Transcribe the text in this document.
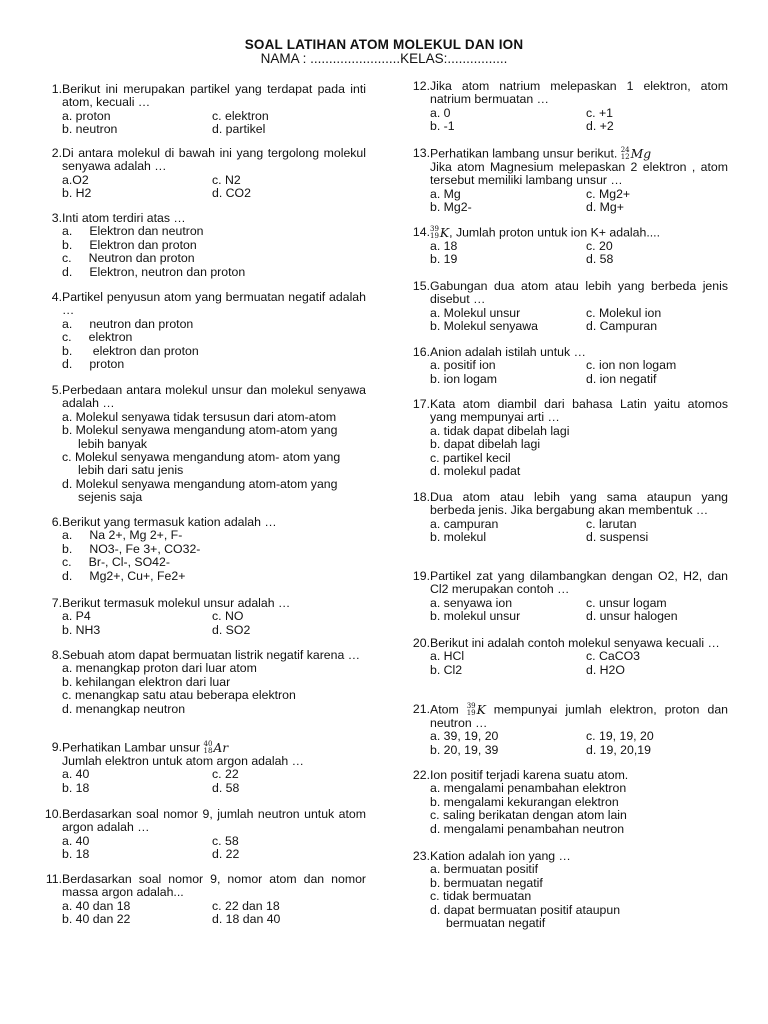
SOAL LATIHAN ATOM MOLEKUL DAN ION
NAMA : ........................KELAS:................
1. Berikut ini merupakan partikel yang terdapat pada inti atom, kecuali …
a. proton	c. elektron
b. neutron	d. partikel
2. Di antara molekul di bawah ini yang tergolong molekul senyawa adalah …
a.O2	c. N2
b. H2	d. CO2
3. Inti atom terdiri atas …
a.     Elektron dan neutron
b.     Elektron dan proton
c.     Neutron dan proton
d.     Elektron, neutron dan proton
4. Partikel penyusun atom yang bermuatan negatif adalah …
a.     neutron dan proton
c.     elektron
b.      elektron dan proton
d.     proton
5. Perbedaan antara molekul unsur dan molekul senyawa adalah …
a. Molekul senyawa tidak tersusun dari atom-atom
b. Molekul senyawa mengandung atom-atom yang
lebih banyak
c. Molekul senyawa mengandung atom- atom yang
lebih dari satu jenis
d. Molekul senyawa mengandung atom-atom yang
sejenis saja
6. Berikut yang termasuk kation adalah …
a.     Na 2+, Mg 2+, F-
b.     NO3-, Fe 3+, CO32-
c.     Br-, Cl-, SO42-
d.     Mg2+, Cu+, Fe2+
7. Berikut termasuk molekul unsur adalah …
a. P4	c. NO
b. NH3	d. SO2
8. Sebuah atom dapat bermuatan listrik negatif karena …
a. menangkap proton dari luar atom
b. kehilangan elektron dari luar
c. menangkap satu atau beberapa elektron
d. menangkap neutron
9. Perhatikan Lambar unsur 40
18 Ar
Jumlah elektron untuk atom argon adalah …
a. 40	c. 22
b. 18	d. 58
10. Berdasarkan soal nomor 9, jumlah neutron untuk atom argon adalah …
a. 40	c. 58
b. 18	d. 22
11. Berdasarkan soal nomor 9, nomor atom dan nomor massa argon adalah...
a. 40 dan 18	c. 22 dan 18
b. 40 dan 22	d. 18 dan 40
12. Jika atom natrium melepaskan 1 elektron, atom natrium bermuatan …
a. 0	c. +1
b. -1	d. +2
13. Perhatikan lambang unsur berikut. 24
12 Mg
Jika atom Magnesium melepaskan 2 elektron , atom tersebut memiliki lambang unsur …
a. Mg	c. Mg2+
b. Mg2-	d. Mg+
14. 39
19 K, Jumlah proton untuk ion K+ adalah....
a. 18	c. 20
b. 19	d. 58
15. Gabungan dua atom atau lebih yang berbeda jenis disebut …
a. Molekul unsur	c. Molekul ion
b. Molekul senyawa	d. Campuran
16. Anion adalah istilah untuk …
a. positif ion	c. ion non logam
b. ion logam	d. ion negatif
17. Kata atom diambil dari bahasa Latin yaitu atomos yang mempunyai arti …
a. tidak dapat dibelah lagi
b. dapat dibelah lagi
c. partikel kecil
d. molekul padat
18. Dua atom atau lebih yang sama ataupun yang berbeda jenis. Jika bergabung akan membentuk …
a. campuran	c. larutan
b. molekul	d. suspensi
19. Partikel zat yang dilambangkan dengan O2, H2, dan Cl2 merupakan contoh …
a. senyawa ion	c. unsur logam
b. molekul unsur	d. unsur halogen
20. Berikut ini adalah contoh molekul senyawa kecuali …
a. HCl	c. CaCO3
b. Cl2	d. H2O
21. Atom 39
19 K mempunyai jumlah elektron, proton dan neutron …
a. 39, 19, 20	c. 19, 19, 20
b. 20, 19, 39	d. 19, 20,19
22. Ion positif terjadi karena suatu atom.
a. mengalami penambahan elektron
b. mengalami kekurangan elektron
c. saling berikatan dengan atom lain
d. mengalami penambahan neutron
23. Kation adalah ion yang …
a. bermuatan positif
b. bermuatan negatif
c. tidak bermuatan
d. dapat bermuatan positif ataupun
bermuatan negatif
